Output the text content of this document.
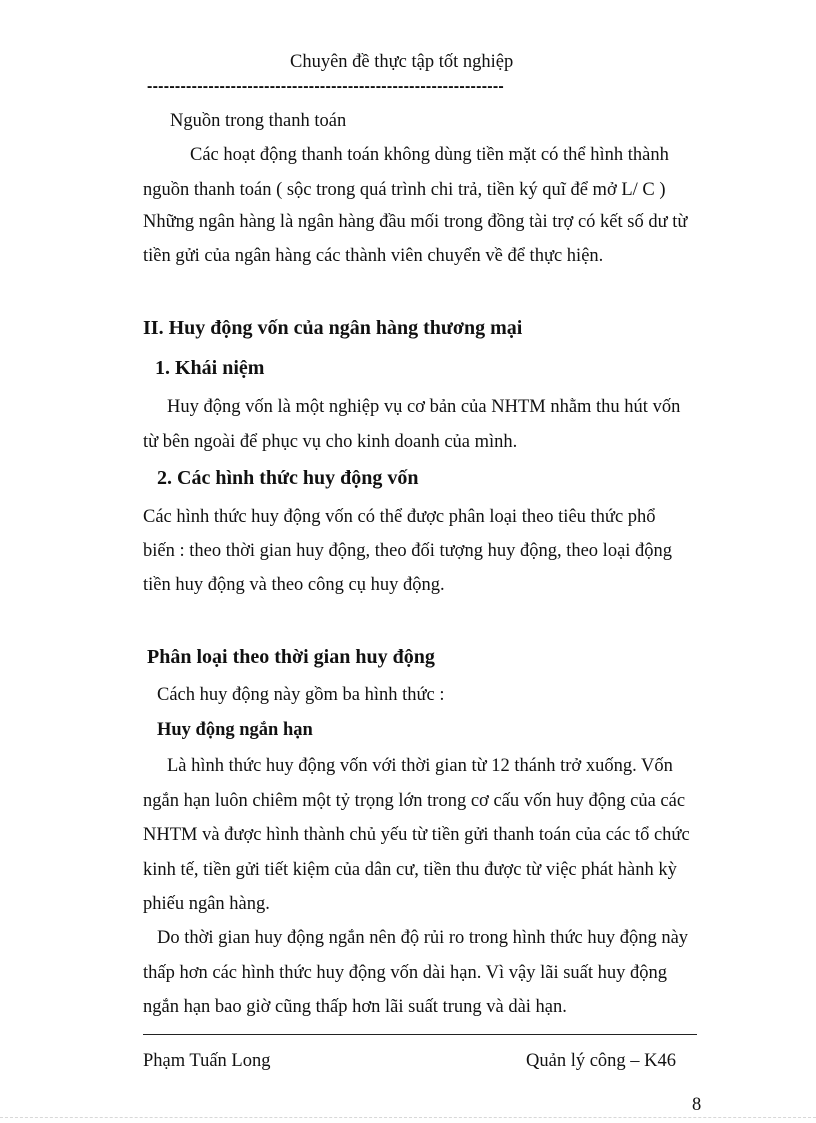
Chuyên đề thực tập tốt nghiệp
----------------------------------------------------------------
Nguồn trong thanh toán
Các hoạt động thanh toán không dùng tiền mặt có thể hình thành
nguồn thanh toán ( sộc trong quá trình chi trả, tiền ký quĩ để mở L/ C )
Những ngân hàng là ngân hàng đầu mối trong đồng tài trợ có kết số dư từ
tiền gửi của ngân hàng các thành viên chuyển về để thực hiện.
II. Huy động vốn của ngân hàng thương mại
1. Khái niệm
Huy động vốn là một nghiệp vụ cơ bản của NHTM nhằm thu hút vốn
từ bên ngoài để phục vụ cho kinh doanh của mình.
2. Các hình thức huy động vốn
Các hình thức huy động vốn có thể được phân loại theo tiêu thức phổ
biến : theo thời gian huy động, theo đối tượng huy động, theo loại động
tiền huy động và theo công cụ huy động.
Phân loại theo thời gian huy động
Cách huy động này gồm ba hình thức :
Huy động ngắn hạn
Là hình thức huy động vốn với thời gian từ 12 thánh trở xuống. Vốn
ngắn hạn luôn chiêm một tỷ trọng lớn trong cơ cấu vốn huy động của các
NHTM và được hình thành chủ yếu từ tiền gửi thanh toán của các tổ chức
kinh tế, tiền gửi tiết kiệm của dân cư, tiền thu được từ việc phát hành kỳ
phiếu ngân hàng.
Do thời gian huy động ngắn nên độ rủi ro trong hình thức huy động này
thấp hơn các hình thức huy động vốn dài hạn. Vì vậy lãi suất huy động
ngắn hạn bao giờ cũng thấp hơn lãi suất trung và dài hạn.
Phạm Tuấn Long	Quản lý công – K46
8
